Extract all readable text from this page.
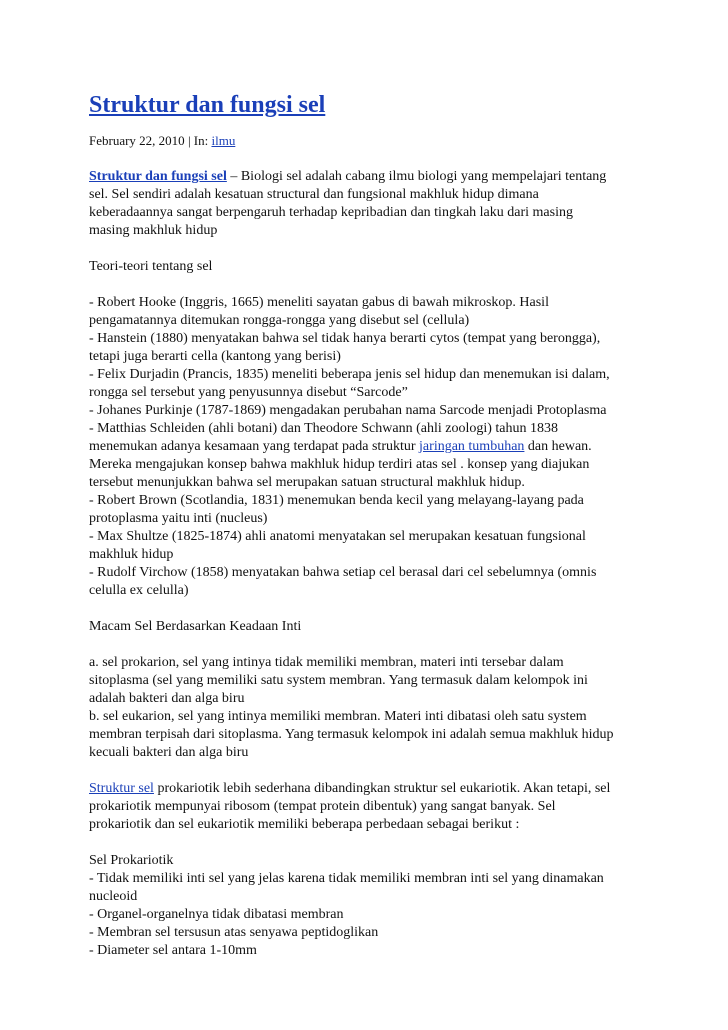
Struktur dan fungsi sel
February 22, 2010 | In: ilmu

Struktur dan fungsi sel – Biologi sel adalah cabang ilmu biologi yang mempelajari tentang

sel. Sel sendiri adalah kesatuan structural dan fungsional makhluk hidup dimana

keberadaannya sangat berpengaruh terhadap kepribadian dan tingkah laku dari masing

masing makhluk hidup

Teori-teori tentang sel

- Robert Hooke (Inggris, 1665) meneliti sayatan gabus di bawah mikroskop. Hasil

pengamatannya ditemukan rongga-rongga yang disebut sel (cellula)

- Hanstein (1880) menyatakan bahwa sel tidak hanya berarti cytos (tempat yang berongga),

tetapi juga berarti cella (kantong yang berisi)

- Felix Durjadin (Prancis, 1835) meneliti beberapa jenis sel hidup dan menemukan isi dalam,

rongga sel tersebut yang penyusunnya disebut “Sarcode”

- Johanes Purkinje (1787-1869) mengadakan perubahan nama Sarcode menjadi Protoplasma

- Matthias Schleiden (ahli botani) dan Theodore Schwann (ahli zoologi) tahun 1838

menemukan adanya kesamaan yang terdapat pada struktur jaringan tumbuhan dan hewan.

Mereka mengajukan konsep bahwa makhluk hidup terdiri atas sel . konsep yang diajukan

tersebut menunjukkan bahwa sel merupakan satuan structural makhluk hidup.

- Robert Brown (Scotlandia, 1831) menemukan benda kecil yang melayang-layang pada

protoplasma yaitu inti (nucleus)

- Max Shultze (1825-1874) ahli anatomi menyatakan sel merupakan kesatuan fungsional

makhluk hidup

- Rudolf Virchow (1858) menyatakan bahwa setiap cel berasal dari cel sebelumnya (omnis

celulla ex celulla)

Macam Sel Berdasarkan Keadaan Inti

a. sel prokarion, sel yang intinya tidak memiliki membran, materi inti tersebar dalam

sitoplasma (sel yang memiliki satu system membran. Yang termasuk dalam kelompok ini

adalah bakteri dan alga biru

b. sel eukarion, sel yang intinya memiliki membran. Materi inti dibatasi oleh satu system

membran terpisah dari sitoplasma. Yang termasuk kelompok ini adalah semua makhluk hidup

kecuali bakteri dan alga biru

Struktur sel prokariotik lebih sederhana dibandingkan struktur sel eukariotik. Akan tetapi, sel

prokariotik mempunyai ribosom (tempat protein dibentuk) yang sangat banyak. Sel

prokariotik dan sel eukariotik memiliki beberapa perbedaan sebagai berikut :

Sel Prokariotik

- Tidak memiliki inti sel yang jelas karena tidak memiliki membran inti sel yang dinamakan

nucleoid

- Organel-organelnya tidak dibatasi membran

- Membran sel tersusun atas senyawa peptidoglikan

- Diameter sel antara 1-10mm
